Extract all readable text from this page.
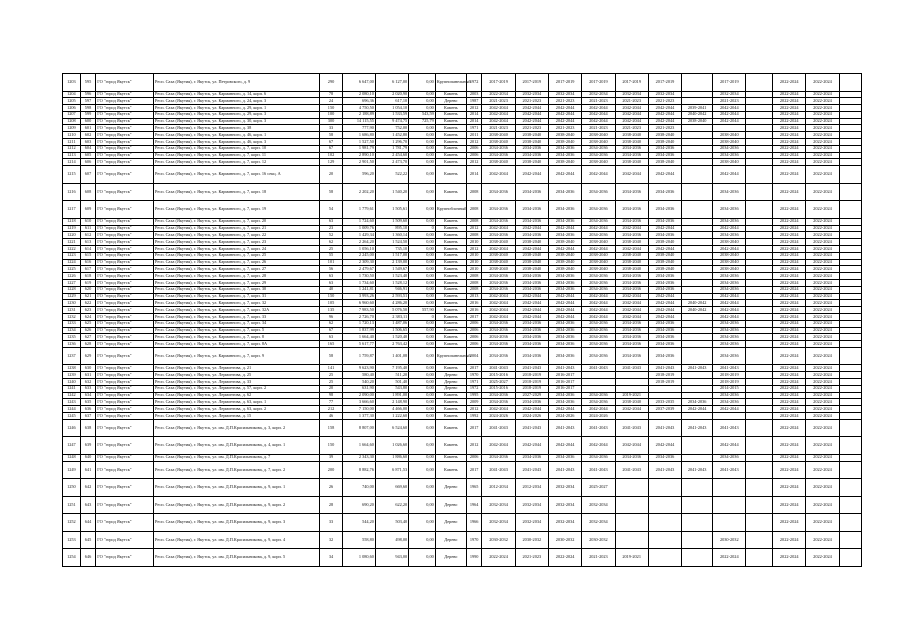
1203	595	ГО "город Якутск"	Респ. Саха (Якутия), г. Якутск, ул. Петровского, д. 9	290	6 647,00	6 127,00	0,00	Крупнопанельный	1972	2017-2019	2017-2019	2017-2019	2017-2019	2017-2019	2017-2019		2017-2019		2022-2024	2022-2024	
1204	596	ГО "город Якутск"	Респ. Саха (Якутия), г. Якутск, ул. Карманного, д. 14, корп. 6	78	2 080,10	2 020,90	0,00	Камень	2003	2022-2034	2032-2034	2032-2034	2032-2034	2032-2034	2032-2034		2032-2034		2022-2024	2022-2024	
1205	597	ГО "город Якутск"	Респ. Саха (Якутия), г. Якутск, ул. Карманного, д. 24, корп. 3	24	696,36	617,10	0,00	Дерево	1987	2021-2023	2021-2023	2021-2023	2021-2023	2021-2023	2021-2023		2021-2023		2022-2024	2022-2024	
1206	598	ГО "город Якутск"	Респ. Саха (Якутия), г. Якутск, ул. Карманного, д. 29, корп. 1	150	4 750,50	1 054,10	0,00	Камень	2012	2042-2044	2042-2044	2042-2044	2042-2044	2042-2044	2042-2044	2039-2041	2042-2044		2022-2024	2022-2024	
1207	599	ГО "город Якутск"	Респ. Саха (Якутия), г. Якутск, ул. Карманного, д. 29, корп. 3	100	2 188,89	1 533,59	543,59	Камень	2014	2042-2044	2042-2044	2042-2044	2042-2044	2042-2044	2042-2044	2040-2042	2042-2044		2022-2024	2022-2024	
1208	600	ГО "город Якутск"	Респ. Саха (Якутия), г. Якутск, ул. Карманного, д. 30, корп. 3	300	14 115,55	9 474,75	725,79	Камень	2014	2042-2044	2042-2044	2042-2044	2042-2044	2042-2044	2042-2044	2038-2040	2042-2044		2022-2024	2022-2024	
1209	601	ГО "город Якутск"	Респ. Саха (Якутия), г. Якутск, ул. Карманного, д. 38	33	777,90	752,00	0,00	Камень	1971	2021-2023	2021-2023	2021-2023	2021-2023	2021-2023	2021-2023				2022-2024	2022-2024	
1210	602	ГО "город Якутск"	Респ. Саха (Якутия), г. Якутск, ул. Карманного, д. 46, корп. 1	58	1 686,80	1 452,80	0,00	Камень	2011	2038-2040	2038-2040	2038-2040	2038-2040	2038-2040	2038-2040		2038-2040		2022-2024	2022-2024	
1211	603	ГО "город Якутск"	Респ. Саха (Якутия), г. Якутск, ул. Карманного, д. 46, корп. 3	67	1 527,50	1 296,70	0,00	Камень	2012	2038-2040	2038-2040	2038-2040	2038-2040	2038-2040	2038-2040		2038-2040		2022-2024	2022-2024	
1212	604	ГО "город Якутск"	Респ. Саха (Якутия), г. Якутск, ул. Карманного, д. 7, корп. 10	67	1 981,79	1 781,79	0,00	Камень	2006	2034-2036	2034-2036	2034-2036	2034-2036	2034-2036	2034-2036		2034-2036		2022-2024	2022-2024	
1213	605	ГО "город Якутск"	Респ. Саха (Якутия), г. Якутск, ул. Карманного, д. 7, корп. 11	102	2 890,10	2 454,60	0,00	Камень	2006	2034-2036	2034-2036	2034-2036	2034-2036	2034-2036	2034-2036		2034-2036		2022-2024	2022-2024	
1214	606	ГО "город Якутск"	Респ. Саха (Якутия), г. Якутск, ул. Карманного, д. 7, корп. 12	129	2 901,50	2 473,70	0,00	Камень	2012	2038-2040	2038-2040	2038-2040	2038-2040	2038-2040	2038-2040		2038-2040		2022-2024	2022-2024	
1215	607	ГО "город Якутск"	Респ. Саха (Якутия), г. Якутск, ул. Карманного, д. 7, корп. 16 секц. А	20	596,20	522,22	0,00	Камень	2014	2042-2044	2042-2044	2042-2044	2042-2044	2042-2044	2042-2044		2042-2044		2022-2024	2022-2024	
1216	608	ГО "город Якутск"	Респ. Саха (Якутия), г. Якутск, ул. Карманного, д. 7, корп. 18	58	2 202,20	1 540,20	0,00	Камень	2008	2034-2036	2034-2036	2034-2036	2034-2036	2034-2036	2034-2036		2034-2036		2022-2024	2022-2024	
1217	609	ГО "город Якутск"	Респ. Саха (Якутия), г. Якутск, ул. Карманного, д. 7, корп. 19	54	1 779,61	1 505,61	0,00	Крупноблочный	2008	2034-2036	2034-2036	2034-2036	2034-2036	2034-2036	2034-2036		2034-2036		2022-2024	2022-2024	
1218	610	ГО "город Якутск"	Респ. Саха (Якутия), г. Якутск, ул. Карманного, д. 7, корп. 20	63	1 724,60	1 509,60	0,00	Камень	2008	2034-2036	2034-2036	2034-2036	2034-2036	2034-2036	2034-2036		2034-2036		2022-2024	2022-2024	
1219	611	ГО "город Якутск"	Респ. Саха (Якутия), г. Якутск, ул. Карманного, д. 7, корп. 21	23	1 009,76	895,10	0	Камень	2012	2042-2044	2042-2044	2042-2044	2042-2044	2042-2044	2042-2044		2042-2044		2022-2024	2022-2024	
1220	612	ГО "город Якутск"	Респ. Саха (Якутия), г. Якутск, ул. Карманного, д. 7, корп. 22	52	1 429,34	1 360,14	0,00	Камень	2008	2034-2036	2034-2036	2034-2036	2034-2036	2034-2036	2034-2036		2034-2036		2022-2024	2022-2024	
1221	613	ГО "город Якутск"	Респ. Саха (Якутия), г. Якутск, ул. Карманного, д. 7, корп. 23	62	2 264,20	1 524,50	0,00	Камень	2010	2038-2040	2038-2040	2038-2040	2038-2040	2038-2040	2038-2040		2038-2040		2022-2024	2022-2024	
1222	614	ГО "город Якутск"	Респ. Саха (Якутия), г. Якутск, ул. Карманного, д. 7, корп. 24	25	1 056,10	735,10	0,00	Камень	2012	2042-2044	2042-2044	2042-2044	2042-2044	2042-2044	2042-2044		2042-2044		2022-2024	2022-2024	
1223	615	ГО "город Якутск"	Респ. Саха (Якутия), г. Якутск, ул. Карманного, д. 7, корп. 25	55	2 245,00	1 517,00	0,00	Камень	2010	2038-2040	2038-2040	2038-2040	2038-2040	2038-2040	2038-2040		2038-2040		2022-2024	2022-2024	
1224	616	ГО "город Якутск"	Респ. Саха (Якутия), г. Якутск, ул. Карманного, д. 7, корп. 26	101	2 309,30	2 139,00	0,00	Камень	2010	2038-2040	2038-2040	2038-2040	2038-2040	2038-2040	2038-2040		2038-2040		2022-2024	2022-2024	
1225	617	ГО "город Якутск"	Респ. Саха (Якутия), г. Якутск, ул. Карманного, д. 7, корп. 27	56	2 479,67	1 549,67	0,00	Камень	2010	2038-2040	2038-2040	2038-2040	2038-2040	2038-2040	2038-2040		2038-2040		2022-2024	2022-2024	
1226	618	ГО "город Якутск"	Респ. Саха (Якутия), г. Якутск, ул. Карманного, д. 7, корп. 28	63	1 730,50	1 523,40	0,00	Камень	2008	2034-2036	2034-2036	2034-2036	2034-2036	2034-2036	2034-2036		2034-2036		2022-2024	2022-2024	
1227	619	ГО "город Якутск"	Респ. Саха (Якутия), г. Якутск, ул. Карманного, д. 7, корп. 29	63	1 734,60	1 528,12	0,00	Камень	2008	2034-2036	2034-2036	2034-2036	2034-2036	2034-2036	2034-2036		2034-2036		2022-2024	2022-2024	
1228	620	ГО "город Якутск"	Респ. Саха (Якутия), г. Якутск, ул. Карманного, д. 7, корп. 30	40	1 241,81	946,91	0,00	Камень	2008	2034-2036	2034-2036	2034-2036	2034-2036	2034-2036	2034-2036		2034-2036		2022-2024	2022-2024	
1229	621	ГО "город Якутск"	Респ. Саха (Якутия), г. Якутск, ул. Карманного, д. 7, корп. 31	150	3 993,26	2 593,51	0,00	Камень	2013	2042-2044	2042-2044	2042-2044	2042-2044	2042-2044	2042-2044		2042-2044		2022-2024	2022-2024	
1230	622	ГО "город Якутск"	Респ. Саха (Якутия), г. Якутск, ул. Карманного, д. 7, корп. 32	105	6 960,60	4 286,20	0,00	Камень	2016	2042-2044	2042-2044	2042-2044	2042-2044	2042-2044	2042-2044	2040-2042	2042-2044		2022-2024	2022-2024	
1231	623	ГО "город Якутск"	Респ. Саха (Якутия), г. Якутск, ул. Карманного, д. 7, корп. 32А	135	7 983,50	5 076,50	557,90	Камень	2016	2042-2044	2042-2044	2042-2044	2042-2044	2042-2044	2042-2044	2040-2042	2042-2044		2022-2024	2022-2024	
1232	624	ГО "город Якутск"	Респ. Саха (Якутия), г. Якутск, ул. Карманного, д. 7, корп. 33	96	2 726,70	2 383,11	0	Камень	2017	2042-2044	2042-2044	2042-2044	2042-2044	2042-2044	2042-2044		2042-2044		2022-2024	2022-2024	
1233	625	ГО "город Якутск"	Респ. Саха (Якутия), г. Якутск, ул. Карманного, д. 7, корп. 34	62	1 720,13	1 487,06	0,00	Камень	2006	2034-2036	2034-2036	2034-2036	2034-2036	2034-2036	2034-2036		2034-2036		2022-2024	2022-2024	
1234	626	ГО "город Якутск"	Респ. Саха (Якутия), г. Якутск, ул. Карманного, д. 7, корп. 5	67	1 837,99	1 506,65	0,00	Камень	2006	2034-2036	2034-2036	2034-2036	2034-2036	2034-2036	2034-2036		2034-2036		2022-2024	2022-2024	
1235	627	ГО "город Якутск"	Респ. Саха (Якутия), г. Якутск, ул. Карманного, д. 7, корп. 8	63	1 664,40	1 520,40	0,00	Камень	2006	2034-2036	2034-2036	2034-2036	2034-2036	2034-2036	2034-2036		2034-2036		2022-2024	2022-2024	
1236	628	ГО "город Якутск"	Респ. Саха (Якутия), г. Якутск, ул. Карманного, д. 7, корп. 8А	165	5 617,77	2 763,42	0,00	Камень	2006	2034-2036	2034-2036	2034-2036	2034-2036	2034-2036	2034-2036		2034-2036		2022-2024	2022-2024	
1237	629	ГО "город Якутск"	Респ. Саха (Якутия), г. Якутск, ул. Карманного, д. 7, корп. 9	58	1 759,87	1 401,08	0,00	Крупнопанельный	2004	2034-2036	2034-2036	2034-2036	2034-2036	2034-2036	2034-2036		2034-2036		2022-2024	2022-2024	
1238	630	ГО "город Якутск"	Респ. Саха (Якутия), г. Якутск, ул. Лермонтова, д. 21	141	9 623,90	7 195,40	0,00	Камень	2017	2041-2043	2041-2043	2041-2043	2041-2043	2041-2043	2041-2043	2041-2043	2041-2043		2022-2024	2022-2024	
1239	631	ГО "город Якутск"	Респ. Саха (Якутия), г. Якутск, ул. Лермонтова, д. 25	25	580,40	511,20	0,00	Дерево	1970	2015-2016	2018-2019	2016-2017			2018-2019		2018-2019		2022-2024	2022-2024	
1240	632	ГО "город Якутск"	Респ. Саха (Якутия), г. Якутск, ул. Лермонтова, д. 33	25	540,20	501,40	0,00	Дерево	1971	2025-2027	2018-2019	2016-2017			2018-2019		2018-2019		2022-2024	2022-2024	
1241	633	ГО "город Якутск"	Респ. Саха (Якутия), г. Якутск, ул. Лермонтова, д. 57, корп. 2	20	631,90	543,80	0,00	Дерево	1972	2015-2016	2018-2019	2016-2017					2014-2015		2022-2024	2022-2024	
1242	634	ГО "город Якутск"	Респ. Саха (Якутия), г. Якутск, ул. Лермонтова, д. 62	98	2 090,00	1 891,00	0,00	Камень	1995	2034-2036	2027-2029	2034-2036	2034-2036	2019-2021			2034-2036		2022-2024	2022-2024	
1243	635	ГО "город Якутск"	Респ. Саха (Якутия), г. Якутск, ул. Лермонтова, д. 63, корп. 1	77	3 666,60	2 148,90	0,00	Камень	2009	2034-2036	2034-2036	2034-2036	2034-2036	2038-2040	2033-2035	2034-2036	2034-2036		2022-2024	2022-2024	
1244	636	ГО "город Якутск"	Респ. Саха (Якутия), г. Якутск, ул. Лермонтова, д. 63, корп. 2	212	7 150,00	4 466,00	0,00	Камень	2012	2042-2044	2042-2044	2042-2044	2042-2044	2042-2044	2037-2039	2042-2044	2042-2044		2022-2024	2022-2024	
1245	637	ГО "город Якутск"	Респ. Саха (Якутия), г. Якутск, ул. Лермонтова, д. 15	46	1 377,30	1 222,60	0,00	Камень	1992	2024-2026	2024-2026	2024-2026	2024-2026						2022-2024	2022-2024	
1246	638	ГО "город Якутск"	Респ. Саха (Якутия), г. Якутск, ул. им. Д.П.Красильникова, д. 3, корп. 2	158	8 807,00	6 524,60	0,00	Камень	2017	2041-2043	2041-2043	2041-2043	2041-2043	2041-2043	2041-2043	2041-2043	2041-2043		2022-2024	2022-2024	
1247	639	ГО "город Якутск"	Респ. Саха (Якутия), г. Якутск, ул. им. Д.П.Красильникова, д. 4, корп. 1	150	1 664,60	1 026,60	0,00	Камень	2012	2042-2044	2042-2044	2042-2044	2042-2044	2042-2044	2042-2044		2042-2044		2022-2024	2022-2024	
1248	640	ГО "город Якутск"	Респ. Саха (Якутия), г. Якутск, ул. им. Д.П.Красильникова, д. 7	39	2 343,30	1 886,60	0,00	Камень	2006	2034-2036	2034-2036	2034-2036	2034-2036	2034-2036	2034-2036		2034-2036		2022-2024	2022-2024	
1249	641	ГО "город Якутск"	Респ. Саха (Якутия), г. Якутск, ул. им. Д.П.Красильникова, д. 7, корп. 2	200	8 882,76	6 871,53	0,00	Камень	2017	2041-2043	2041-2043	2041-2043	2041-2043	2041-2043	2041-2043	2041-2043	2041-2043		2022-2024	2022-2024	
1250	642	ГО "город Якутск"	Респ. Саха (Якутия), г. Якутск, ул. им. Д.П.Красильникова, д. 9, корп. 1	26	740,00	669,60	0,00	Дерево	1965	2012-2034	2012-2034	2032-2034	2025-2027						2022-2024	2022-2024	
1251	643	ГО "город Якутск"	Респ. Саха (Якутия), г. Якутск, ул. им. Д.П.Красильникова, д. 9, корп. 2	28	690,20	622,20	0,00	Дерево	1964	2032-2034	2032-2034	2032-2034	2032-2034						2022-2024	2022-2024	
1252	644	ГО "город Якутск"	Респ. Саха (Якутия), г. Якутск, ул. им. Д.П.Красильникова, д. 9, корп. 3	33	544,20	503,40	0,00	Дерево	1966	2032-2034	2032-2034	2032-2034	2032-2034						2022-2024	2022-2024	
1253	645	ГО "город Якутск"	Респ. Саха (Якутия), г. Якутск, ул. им. Д.П.Красильникова, д. 9, корп. 4	32	558,80	498,00	0,00	Дерево	1970	2030-2032	2030-2032	2030-2032	2030-2032				2030-2032		2022-2024	2022-2024	
1254	646	ГО "город Якутск"	Респ. Саха (Якутия), г. Якутск, ул. им. Д.П.Красильникова, д. 9, корп. 5	34	1 080,60	943,00	0,00	Дерево	1990	2022-2024	2021-2023	2022-2024	2021-2023	2019-2021			2022-2024		2022-2024	2022-2024	
